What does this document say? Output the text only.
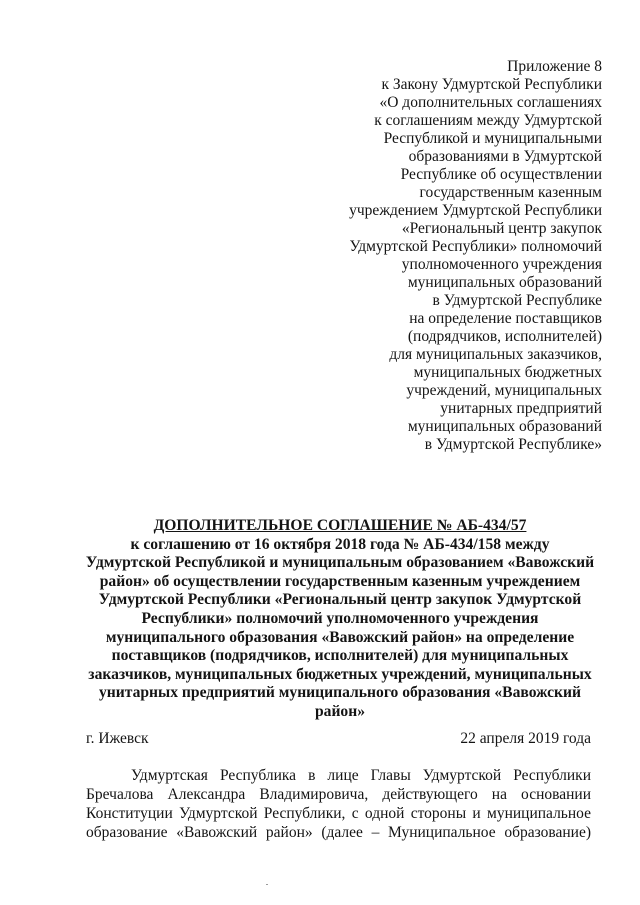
Приложение 8
к Закону Удмуртской Республики
«О дополнительных соглашениях
к соглашениям между Удмуртской
Республикой и муниципальными
образованиями в Удмуртской
Республике об осуществлении
государственным казенным
учреждением Удмуртской Республики
«Региональный центр закупок
Удмуртской Республики» полномочий
уполномоченного учреждения
муниципальных образований
в Удмуртской Республике
на определение поставщиков
(подрядчиков, исполнителей)
для муниципальных заказчиков,
муниципальных бюджетных
учреждений, муниципальных
унитарных предприятий
муниципальных образований
в Удмуртской Республике»
ДОПОЛНИТЕЛЬНОЕ СОГЛАШЕНИЕ № АБ-434/57
к соглашению от 16 октября 2018 года № АБ-434/158 между
Удмуртской Республикой и муниципальным образованием «Вавожский
район» об осуществлении государственным казенным учреждением
Удмуртской Республики «Региональный центр закупок Удмуртской
Республики» полномочий уполномоченного учреждения
муниципального образования «Вавожский район» на определение
поставщиков (подрядчиков, исполнителей) для муниципальных
заказчиков, муниципальных бюджетных учреждений, муниципальных
унитарных предприятий муниципального образования «Вавожский
район»
г. Ижевск	22 апреля 2019 года
Удмуртская Республика в лице Главы Удмуртской Республики
Бречалова Александра Владимировича, действующего на основании
Конституции Удмуртской Республики, с одной стороны и муниципальное
образование «Вавожский район» (далее – Муниципальное образование)
